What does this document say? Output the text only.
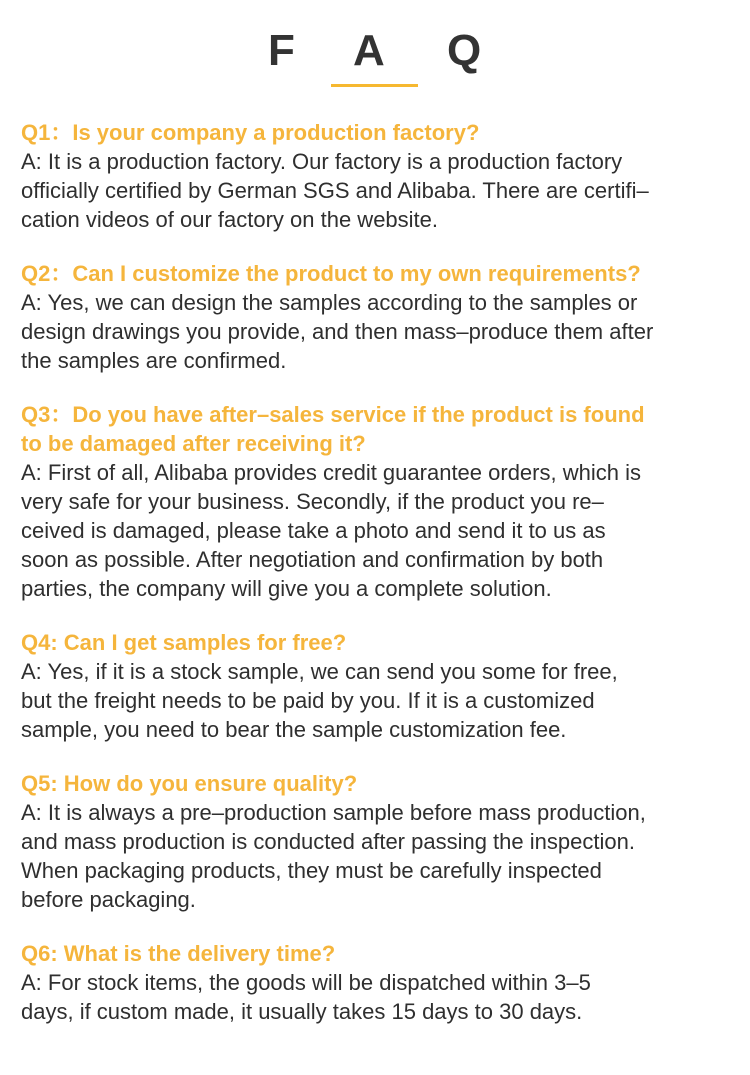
F A Q

Q1：Is your company a production factory?

A: It is a production factory. Our factory is a production factory
officially certified by German SGS and Alibaba. There are certifi–
cation videos of our factory on the website.

Q2：Can I customize the product to my own requirements?

A: Yes, we can design the samples according to the samples or
design drawings you provide, and then mass–produce them after
the samples are confirmed.

Q3：Do you have after–sales service if the product is found
to be damaged after receiving it?

A: First of all, Alibaba provides credit guarantee orders, which is
very safe for your business. Secondly, if the product you re–
ceived is damaged, please take a photo and send it to us as
soon as possible. After negotiation and confirmation by both
parties, the company will give you a complete solution.

Q4: Can I get samples for free?

A: Yes, if it is a stock sample, we can send you some for free,
but the freight needs to be paid by you. If it is a customized
sample, you need to bear the sample customization fee.

Q5: How do you ensure quality?

A: It is always a pre–production sample before mass production,
and mass production is conducted after passing the inspection.
When packaging products, they must be carefully inspected
before packaging.

Q6: What is the delivery time?

A: For stock items, the goods will be dispatched within 3–5
days, if custom made, it usually takes 15 days to 30 days.
